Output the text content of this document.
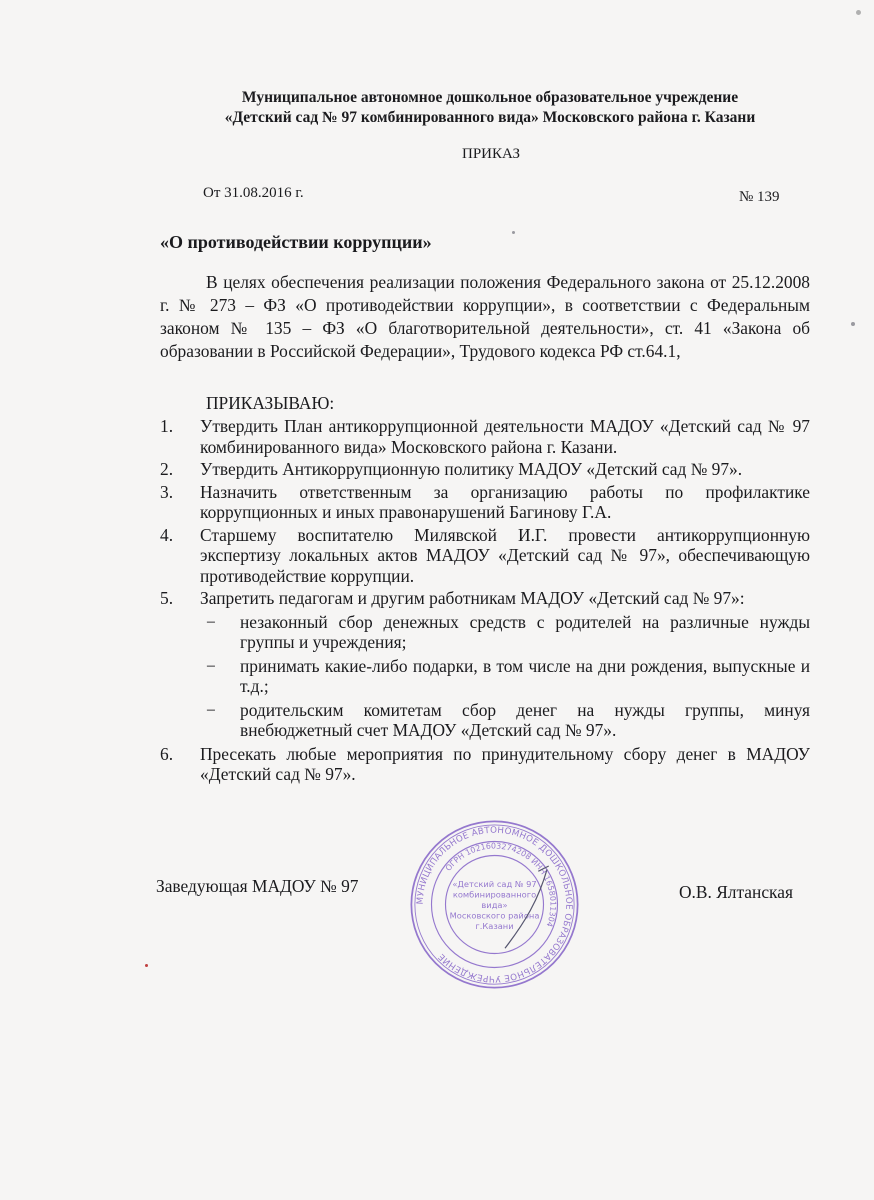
Муниципальное автономное дошкольное образовательное учреждение
«Детский сад № 97 комбинированного вида» Московского района г. Казани
ПРИКАЗ
От 31.08.2016 г.	№ 139
«О противодействии коррупции»
В целях обеспечения реализации положения Федерального закона от 25.12.2008 г. № 273 – ФЗ «О противодействии коррупции», в соответствии с Федеральным законом № 135 – ФЗ «О благотворительной деятельности», ст. 41 «Закона об образовании в Российской Федерации», Трудового кодекса РФ ст.64.1,
ПРИКАЗЫВАЮ:
1. Утвердить План антикоррупционной деятельности МАДОУ «Детский сад № 97 комбинированного вида» Московского района г. Казани.
2. Утвердить Антикоррупционную политику МАДОУ «Детский сад № 97».
3. Назначить ответственным за организацию работы по профилактике коррупционных и иных правонарушений Багинову Г.А.
4. Старшему воспитателю Милявской И.Г. провести антикоррупционную экспертизу локальных актов МАДОУ «Детский сад № 97», обеспечивающую противодействие коррупции.
5. Запретить педагогам и другим работникам МАДОУ «Детский сад № 97»:
− незаконный сбор денежных средств с родителей на различные нужды группы и учреждения;
− принимать какие-либо подарки, в том числе на дни рождения, выпускные и т.д.;
− родительским комитетам сбор денег на нужды группы, минуя внебюджетный счет МАДОУ «Детский сад № 97».
6. Пресекать любые мероприятия по принудительному сбору денег в МАДОУ «Детский сад № 97».
Заведующая МАДОУ № 97	О.В. Ялтанская
МУНИЦИПАЛЬНОЕ АВТОНОМНОЕ ДОШКОЛЬНОЕ ОБРАЗОВАТЕЛЬНОЕ УЧРЕЖДЕНИЕ
ОГРН 1021603274208 ИНН 1658011304
«Детский сад № 97
комбинированного
вида»
Московского района
г.Казани
